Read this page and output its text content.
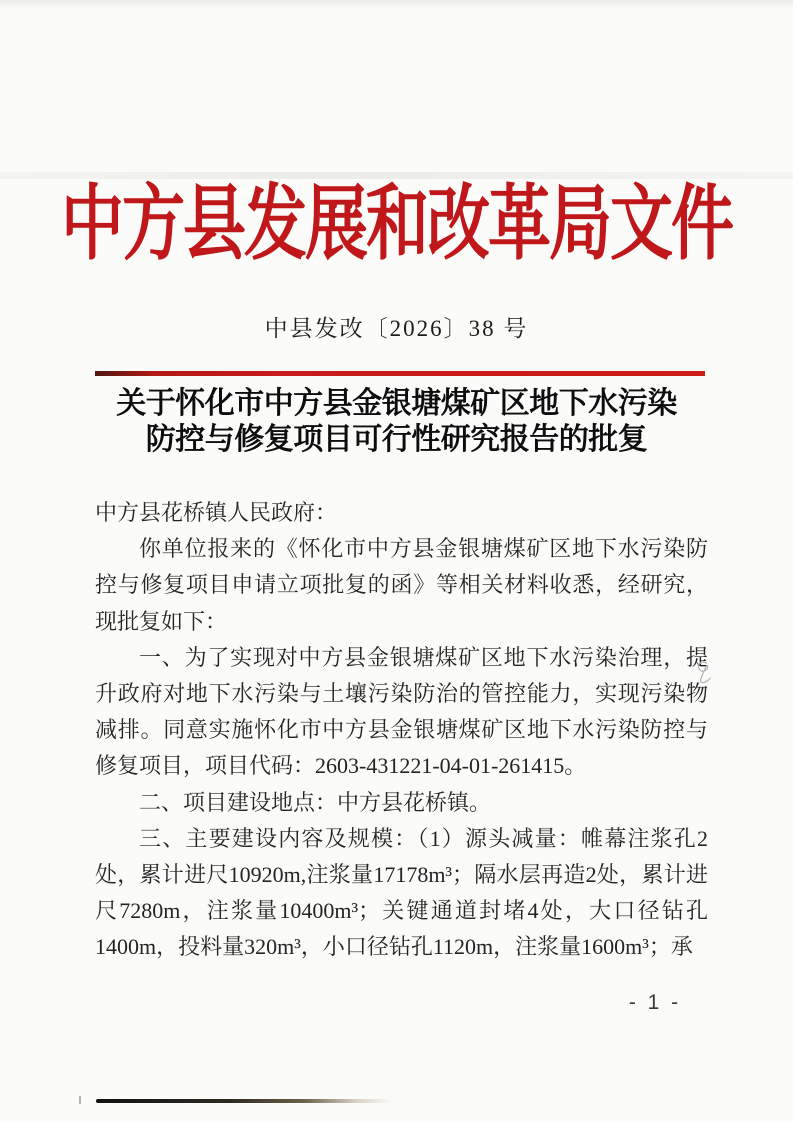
中方县发展和改革局文件
中县发改〔2026〕38 号
关于怀化市中方县金银塘煤矿区地下水污染
防控与修复项目可行性研究报告的批复

中方县花桥镇人民政府：

你单位报来的《怀化市中方县金银塘煤矿区地下水污染防控与修复项目申请立项批复的函》等相关材料收悉，经研究，现批复如下：

一、为了实现对中方县金银塘煤矿区地下水污染治理，提升政府对地下水污染与土壤污染防治的管控能力，实现污染物减排。同意实施怀化市中方县金银塘煤矿区地下水污染防控与修复项目，项目代码：2603-431221-04-01-261415。

二、项目建设地点：中方县花桥镇。

三、主要建设内容及规模：（1）源头减量：帷幕注浆孔2处，累计进尺10920m,注浆量17178m³；隔水层再造2处，累计进尺7280m，注浆量10400m³；关键通道封堵4处，大口径钻孔1400m，投料量320m³，小口径钻孔1120m，注浆量1600m³；承

- 1 -
